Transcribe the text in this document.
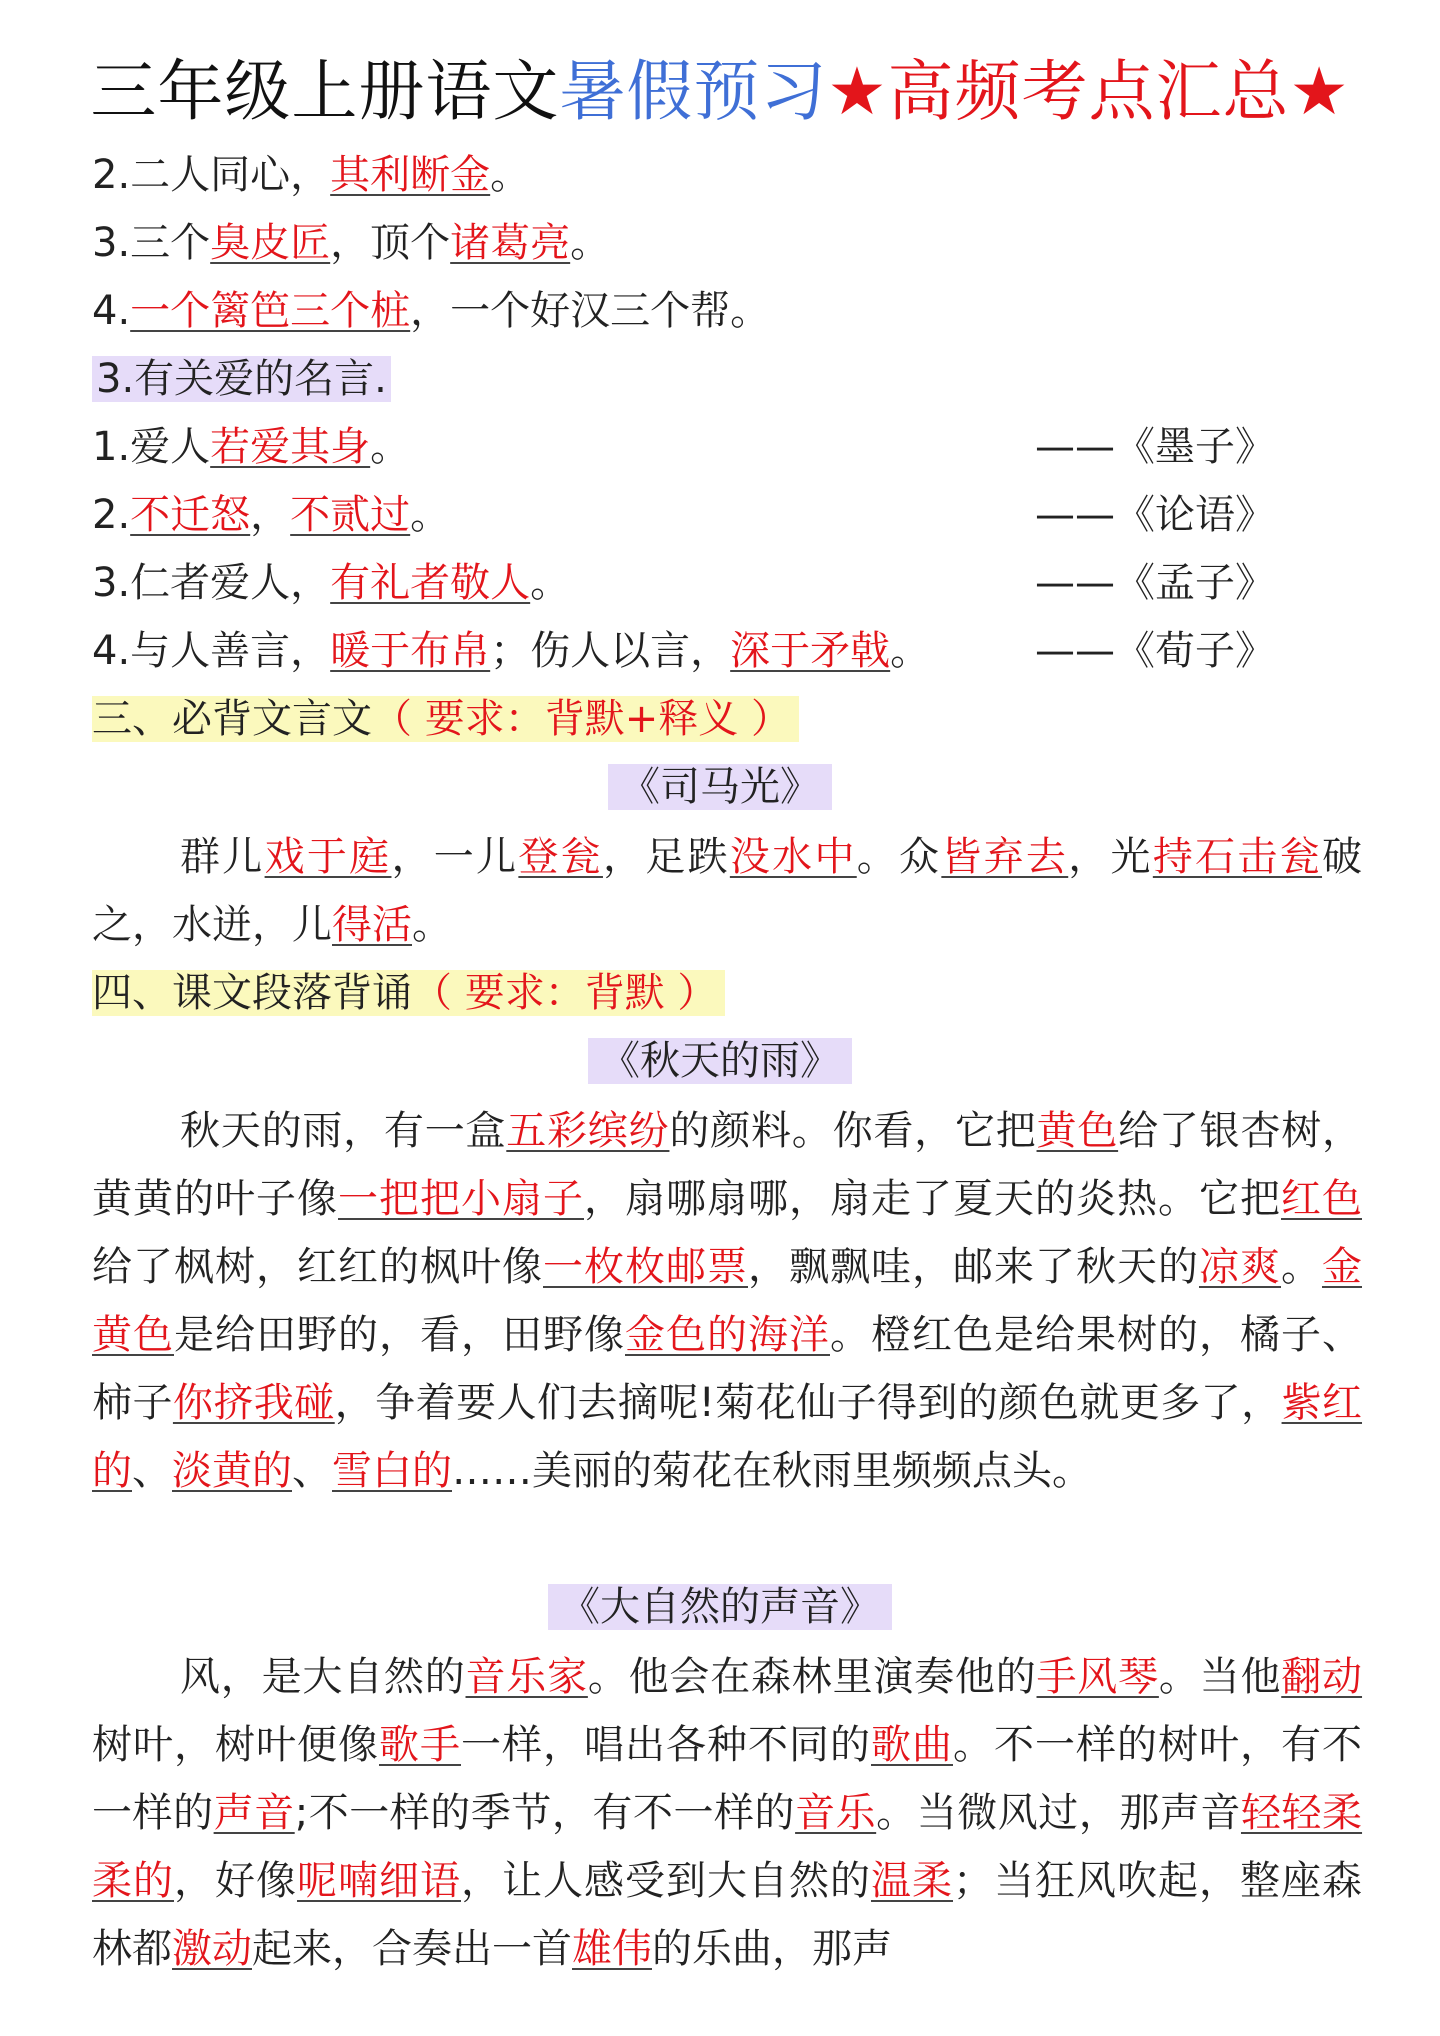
三年级上册语文暑假预习★高频考点汇总★
2.二人同心，其利断金。
3.三个臭皮匠，顶个诸葛亮。
4.一个篱笆三个桩，一个好汉三个帮。
3.有关爱的名言.
1.爱人若爱其身。	——《墨子》
2.不迁怒，不贰过。	——《论语》
3.仁者爱人，有礼者敬人。	——《孟子》
4.与人善言，暖于布帛；伤人以言，深于矛戟。	——《荀子》
三、必背文言文（ 要求：背默+释义 ）
《司马光》
群儿戏于庭，一儿登瓮，足跌没水中。众皆弃去，光持石击瓮破之，水迸，儿得活。
四、课文段落背诵（ 要求：背默 ）
《秋天的雨》
秋天的雨，有一盒五彩缤纷的颜料。你看，它把黄色给了银杏树，黄黄的叶子像一把把小扇子，扇哪扇哪，扇走了夏天的炎热。它把红色给了枫树，红红的枫叶像一枚枚邮票，飘飘哇，邮来了秋天的凉爽。金黄色是给田野的，看，田野像金色的海洋。橙红色是给果树的，橘子、柿子你挤我碰，争着要人们去摘呢!菊花仙子得到的颜色就更多了，紫红的、淡黄的、雪白的……美丽的菊花在秋雨里频频点头。
《大自然的声音》
风，是大自然的音乐家。他会在森林里演奏他的手风琴。当他翻动树叶，树叶便像歌手一样，唱出各种不同的歌曲。不一样的树叶，有不一样的声音;不一样的季节，有不一样的音乐。当微风过，那声音轻轻柔柔的，好像呢喃细语，让人感受到大自然的温柔；当狂风吹起，整座森林都激动起来，合奏出一首雄伟的乐曲，那声
